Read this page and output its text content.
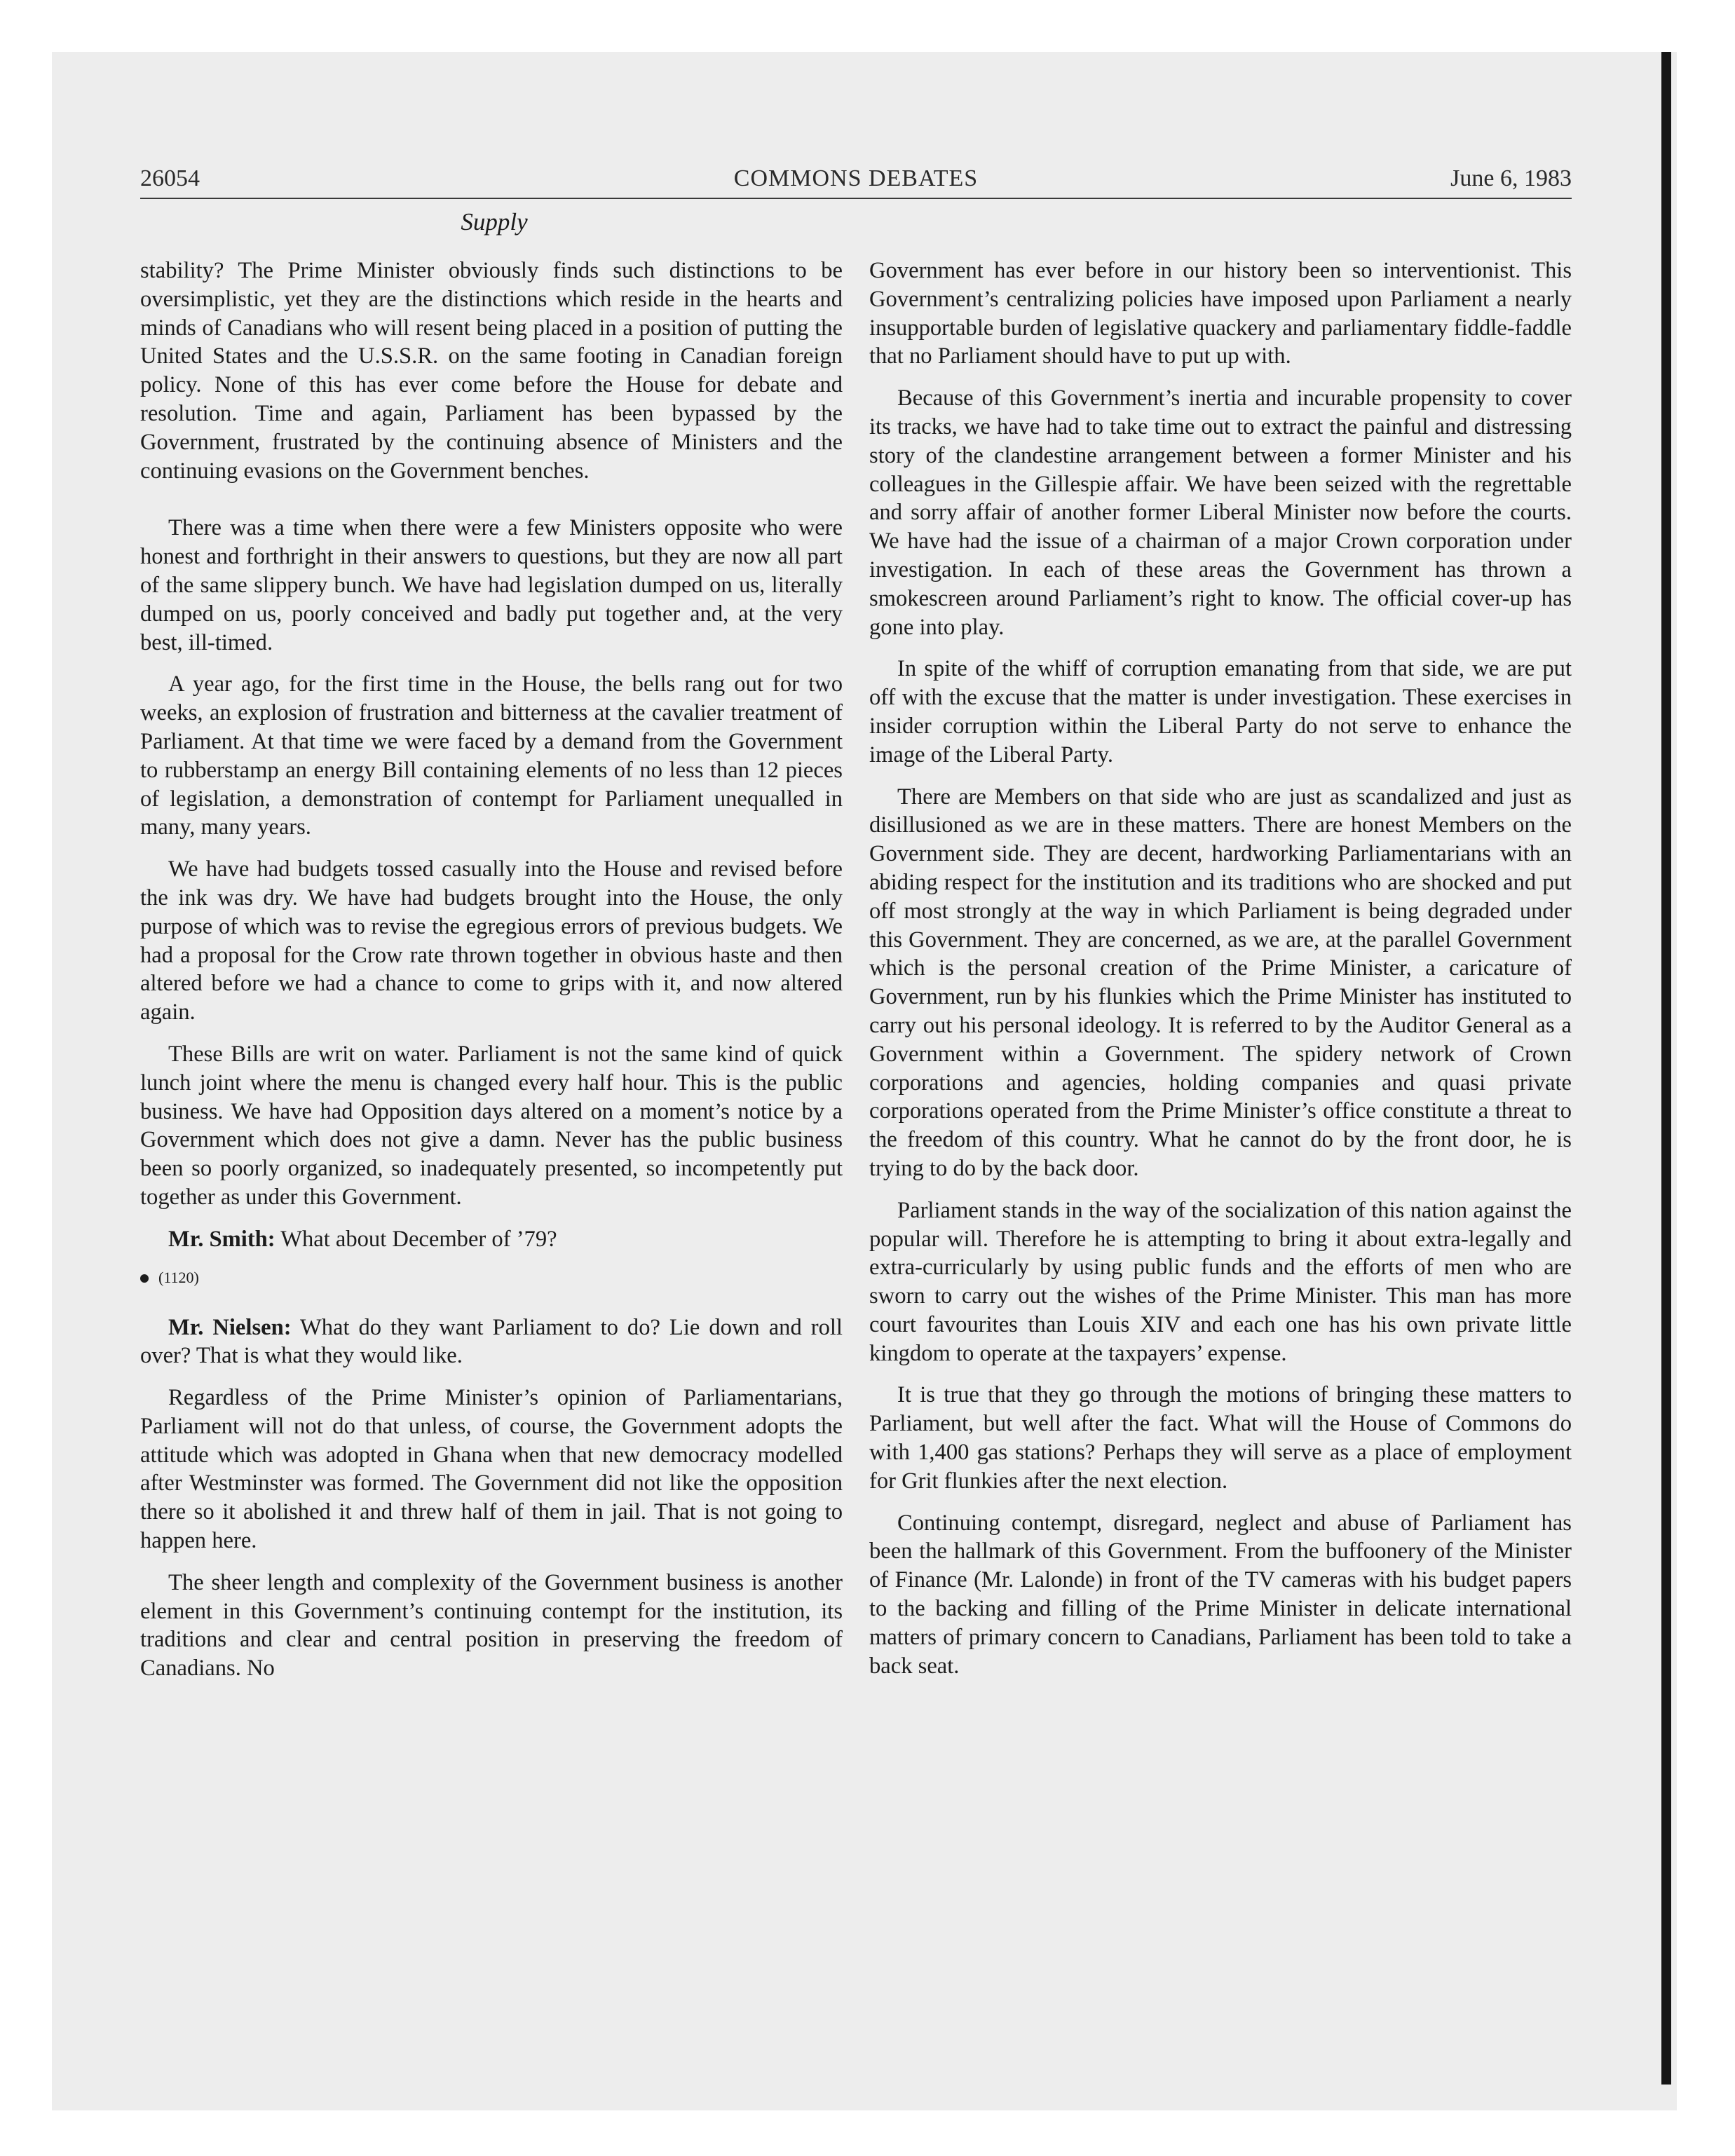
26054	COMMONS DEBATES	June 6, 1983
Supply

stability? The Prime Minister obviously finds such distinctions to be oversimplistic, yet they are the distinctions which reside in the hearts and minds of Canadians who will resent being placed in a position of putting the United States and the U.S.S.R. on the same footing in Canadian foreign policy. None of this has ever come before the House for debate and resolution. Time and again, Parliament has been bypassed by the Government, frustrated by the continuing absence of Ministers and the continuing evasions on the Government benches.

There was a time when there were a few Ministers opposite who were honest and forthright in their answers to questions, but they are now all part of the same slippery bunch. We have had legislation dumped on us, literally dumped on us, poorly conceived and badly put together and, at the very best, ill-timed.

A year ago, for the first time in the House, the bells rang out for two weeks, an explosion of frustration and bitterness at the cavalier treatment of Parliament. At that time we were faced by a demand from the Government to rubberstamp an energy Bill containing elements of no less than 12 pieces of legislation, a demonstration of contempt for Parliament unequalled in many, many years.

We have had budgets tossed casually into the House and revised before the ink was dry. We have had budgets brought into the House, the only purpose of which was to revise the egregious errors of previous budgets. We had a proposal for the Crow rate thrown together in obvious haste and then altered before we had a chance to come to grips with it, and now altered again.

These Bills are writ on water. Parliament is not the same kind of quick lunch joint where the menu is changed every half hour. This is the public business. We have had Opposition days altered on a moment’s notice by a Government which does not give a damn. Never has the public business been so poorly organized, so inadequately presented, so incompetently put together as under this Government.

Mr. Smith: What about December of ’79?

(1120)

Mr. Nielsen: What do they want Parliament to do? Lie down and roll over? That is what they would like.

Regardless of the Prime Minister’s opinion of Parliamentarians, Parliament will not do that unless, of course, the Government adopts the attitude which was adopted in Ghana when that new democracy modelled after Westminster was formed. The Government did not like the opposition there so it abolished it and threw half of them in jail. That is not going to happen here.

The sheer length and complexity of the Government business is another element in this Government’s continuing contempt for the institution, its traditions and clear and central position in preserving the freedom of Canadians. No

Government has ever before in our history been so interventionist. This Government’s centralizing policies have imposed upon Parliament a nearly insupportable burden of legislative quackery and parliamentary fiddle-faddle that no Parliament should have to put up with.

Because of this Government’s inertia and incurable propensity to cover its tracks, we have had to take time out to extract the painful and distressing story of the clandestine arrangement between a former Minister and his colleagues in the Gillespie affair. We have been seized with the regrettable and sorry affair of another former Liberal Minister now before the courts. We have had the issue of a chairman of a major Crown corporation under investigation. In each of these areas the Government has thrown a smokescreen around Parliament’s right to know. The official cover-up has gone into play.

In spite of the whiff of corruption emanating from that side, we are put off with the excuse that the matter is under investigation. These exercises in insider corruption within the Liberal Party do not serve to enhance the image of the Liberal Party.

There are Members on that side who are just as scandalized and just as disillusioned as we are in these matters. There are honest Members on the Government side. They are decent, hardworking Parliamentarians with an abiding respect for the institution and its traditions who are shocked and put off most strongly at the way in which Parliament is being degraded under this Government. They are concerned, as we are, at the parallel Government which is the personal creation of the Prime Minister, a caricature of Government, run by his flunkies which the Prime Minister has instituted to carry out his personal ideology. It is referred to by the Auditor General as a Government within a Government. The spidery network of Crown corporations and agencies, holding companies and quasi private corporations operated from the Prime Minister’s office constitute a threat to the freedom of this country. What he cannot do by the front door, he is trying to do by the back door.

Parliament stands in the way of the socialization of this nation against the popular will. Therefore he is attempting to bring it about extra-legally and extra-curricularly by using public funds and the efforts of men who are sworn to carry out the wishes of the Prime Minister. This man has more court favourites than Louis XIV and each one has his own private little kingdom to operate at the taxpayers’ expense.

It is true that they go through the motions of bringing these matters to Parliament, but well after the fact. What will the House of Commons do with 1,400 gas stations? Perhaps they will serve as a place of employment for Grit flunkies after the next election.

Continuing contempt, disregard, neglect and abuse of Parliament has been the hallmark of this Government. From the buffoonery of the Minister of Finance (Mr. Lalonde) in front of the TV cameras with his budget papers to the backing and filling of the Prime Minister in delicate international matters of primary concern to Canadians, Parliament has been told to take a back seat.
